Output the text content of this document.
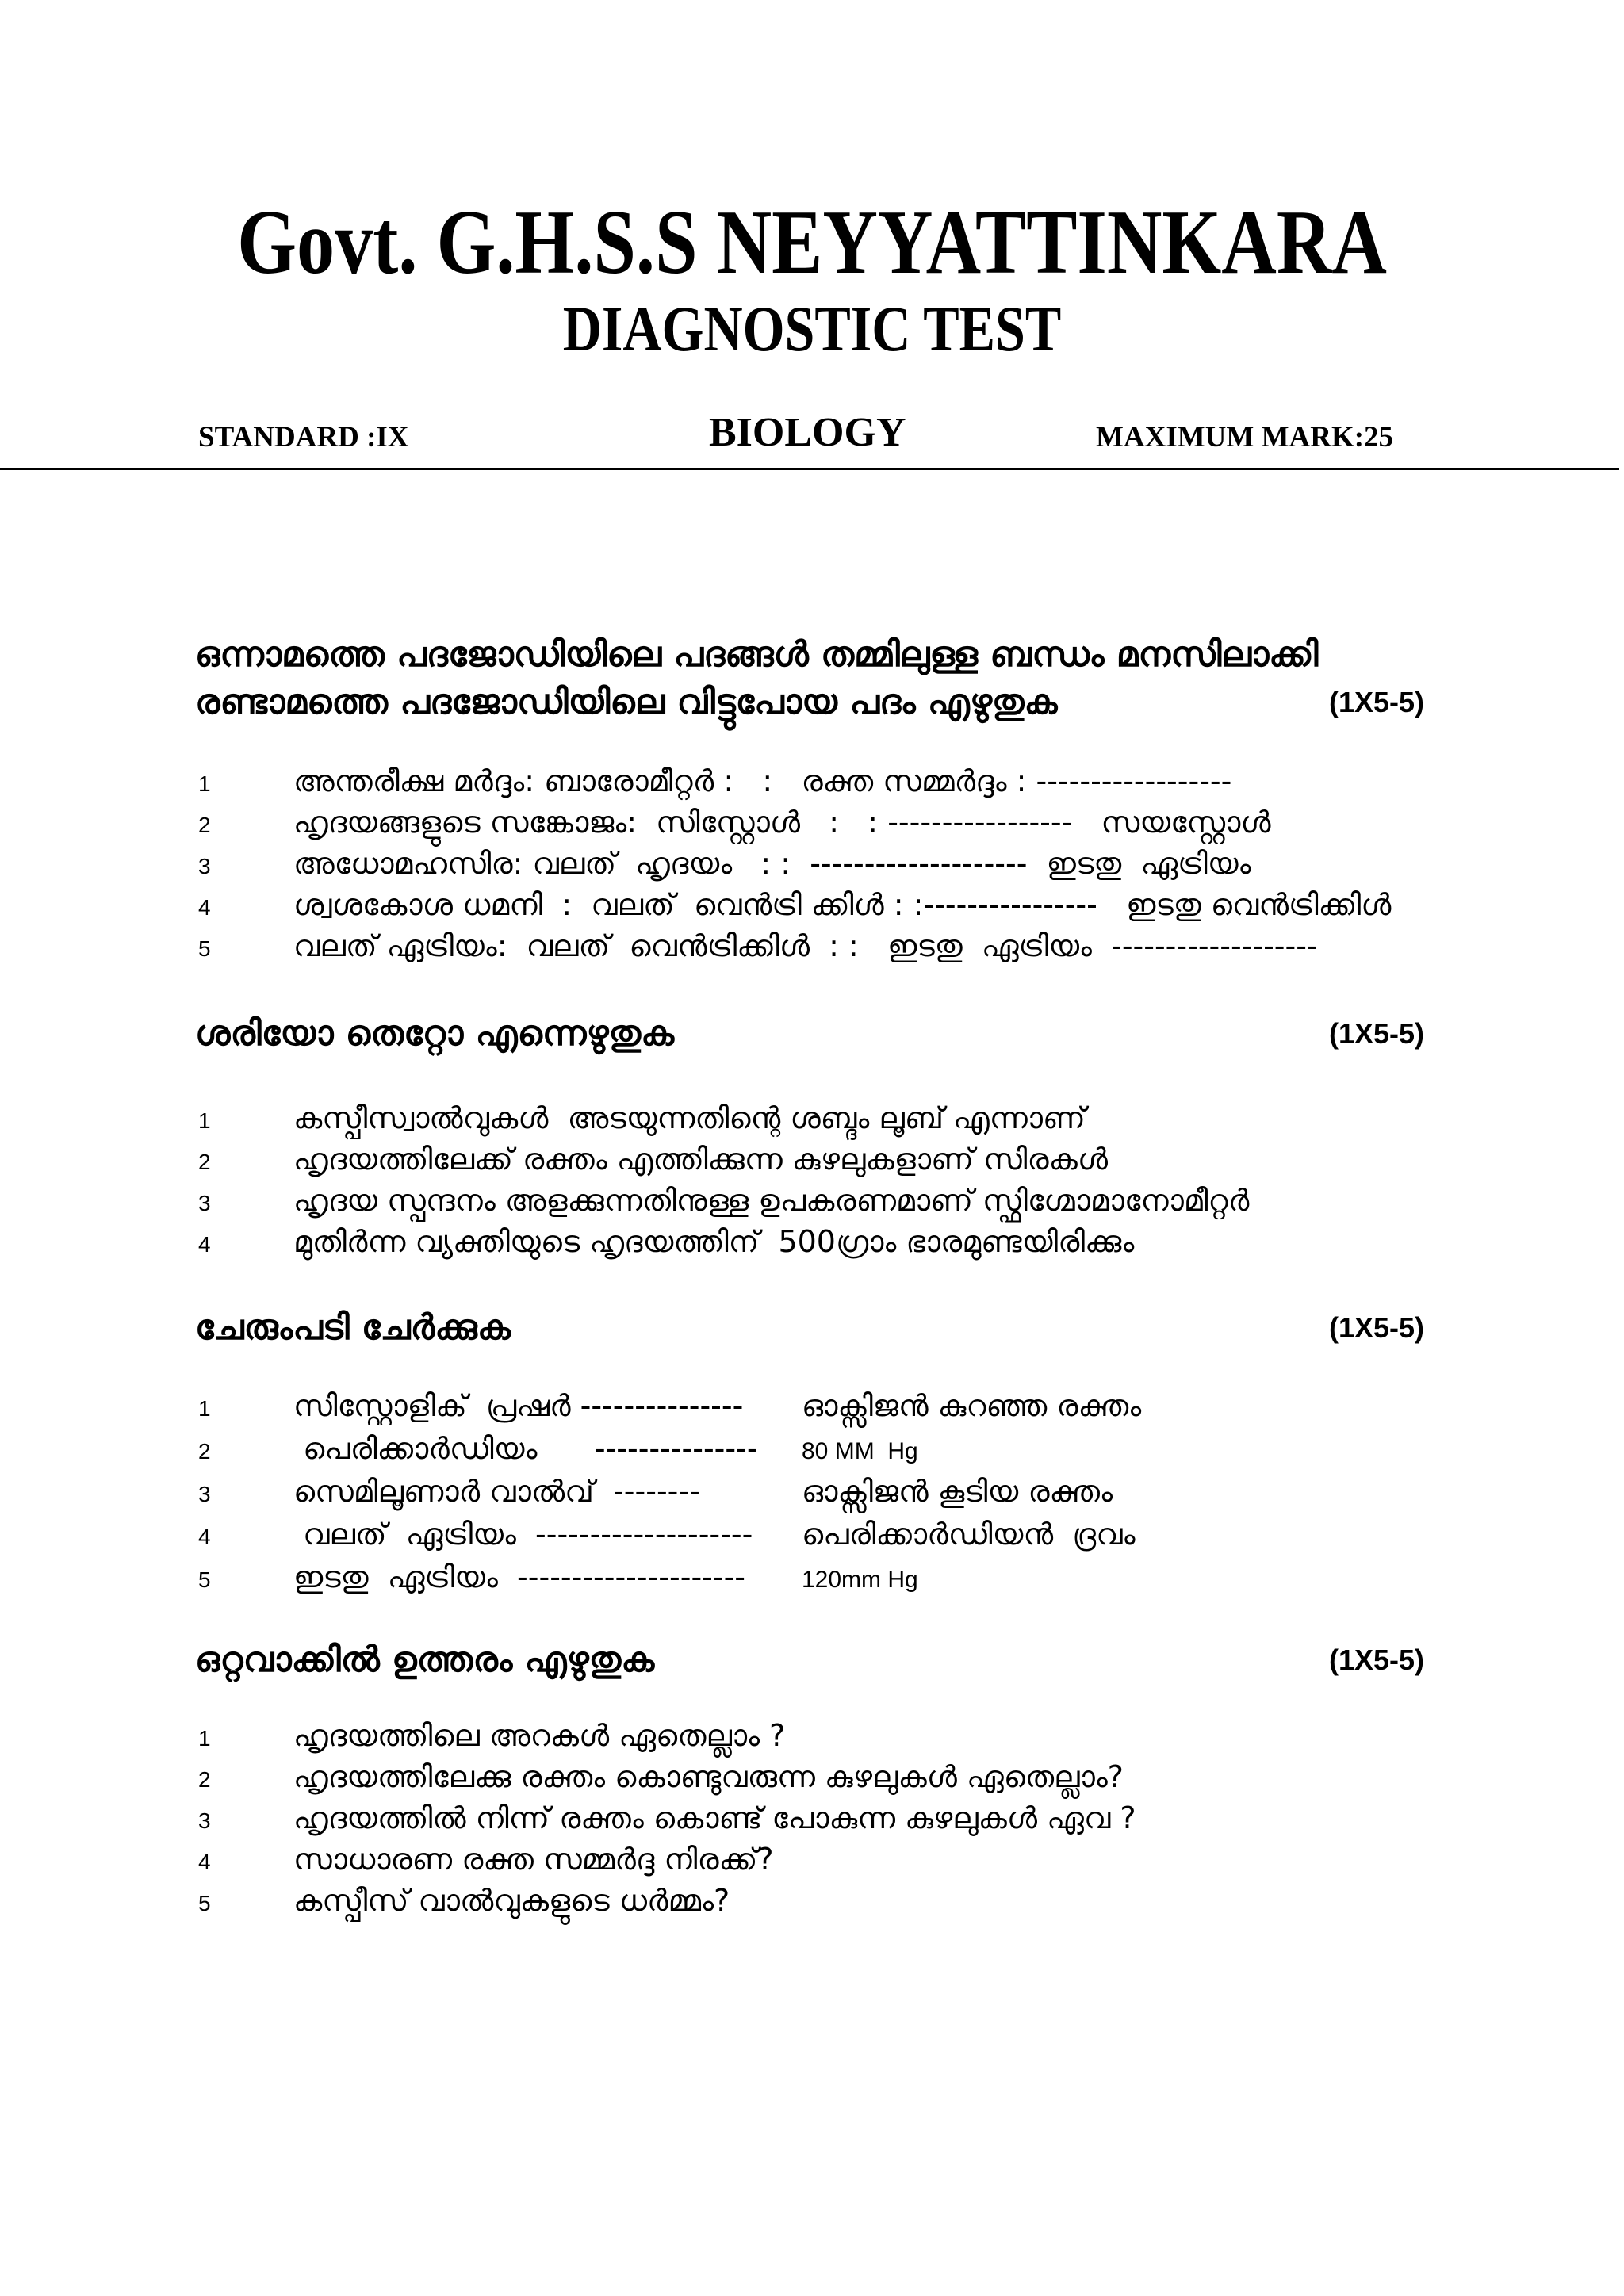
Govt. G.H.S.S NEYYATTINKARA
DIAGNOSTIC TEST
STANDARD :IX	BIOLOGY	MAXIMUM MARK:25
ഒന്നാമത്തെ പദജോഡിയിലെ പദങ്ങൾ തമ്മിലുള്ള ബന്ധം മനസിലാക്കി
രണ്ടാമത്തെ പദജോഡിയിലെ വിട്ടുപോയ പദം എഴുതുക	(1X5-5)
1	അന്തരീക്ഷ മർദ്ദം: ബാരോമീറ്റർ :   :   രക്ത സമ്മർദ്ദം : ------------------
2	ഹൃദയങ്ങളുടെ സങ്കോജം:  സിസ്റ്റോൾ   :   : -----------------   സയസ്റ്റോൾ
3	അധോമഹസിര: വലത്  ഹൃദയം   : :  --------------------  ഇടതു  ഏട്രിയം
4	ശ്വശകോശ ധമനി  :  വലത്  വെൻട്രി ക്കിൾ : :----------------   ഇടതു വെൻട്രിക്കിൾ
5	വലത് ഏട്രിയം:  വലത്  വെൻട്രിക്കിൾ  : :   ഇടതു  ഏട്രിയം  -------------------
ശരിയോ തെറ്റോ എന്നെഴുതുക	(1X5-5)
1	കസ്പീസ്വാൽവുകൾ  അടയുന്നതിന്റെ ശബ്ദം ലൂബ് എന്നാണ്
2	ഹൃദയത്തിലേക്ക് രക്തം എത്തിക്കുന്ന കുഴലുകളാണ് സിരകൾ
3	ഹൃദയ സ്പന്ദനം അളക്കുന്നതിനുള്ള ഉപകരണമാണ് സ്ഫിഗ്മോമാനോമീറ്റർ
4	മുതിർന്ന വ്യക്തിയുടെ ഹൃദയത്തിന്  500ഗ്രാം ഭാരമുണ്ടയിരിക്കും
ചേരുംപടി ചേർക്കുക	(1X5-5)
1	സിസ്റ്റോളിക്  പ്രഷർ ---------------	ഓക്സിജൻ കുറഞ്ഞ രക്തം
2	പെരിക്കാർഡിയം      ---------------	80 MM  Hg
3	സെമിലൂണാർ വാൽവ്  --------	ഓക്സിജൻ കൂടിയ രക്തം
4	വലത്  ഏട്രിയം  --------------------	പെരിക്കാർഡിയൻ  ദ്രവം
5	ഇടതു  ഏട്രിയം  ---------------------	120mm Hg
ഒറ്റവാക്കിൽ ഉത്തരം എഴുതുക	(1X5-5)
1	ഹൃദയത്തിലെ അറകൾ ഏതെല്ലാം ?
2	ഹൃദയത്തിലേക്കു രക്തം കൊണ്ടുവരുന്ന കുഴലുകൾ ഏതെല്ലാം?
3	ഹൃദയത്തിൽ നിന്ന് രക്തം കൊണ്ട് പോകുന്ന കുഴലുകൾ ഏവ ?
4	സാധാരണ രക്ത സമ്മർദ്ദ നിരക്ക്?
5	കസ്പീസ് വാൽവുകളുടെ ധർമ്മം?
